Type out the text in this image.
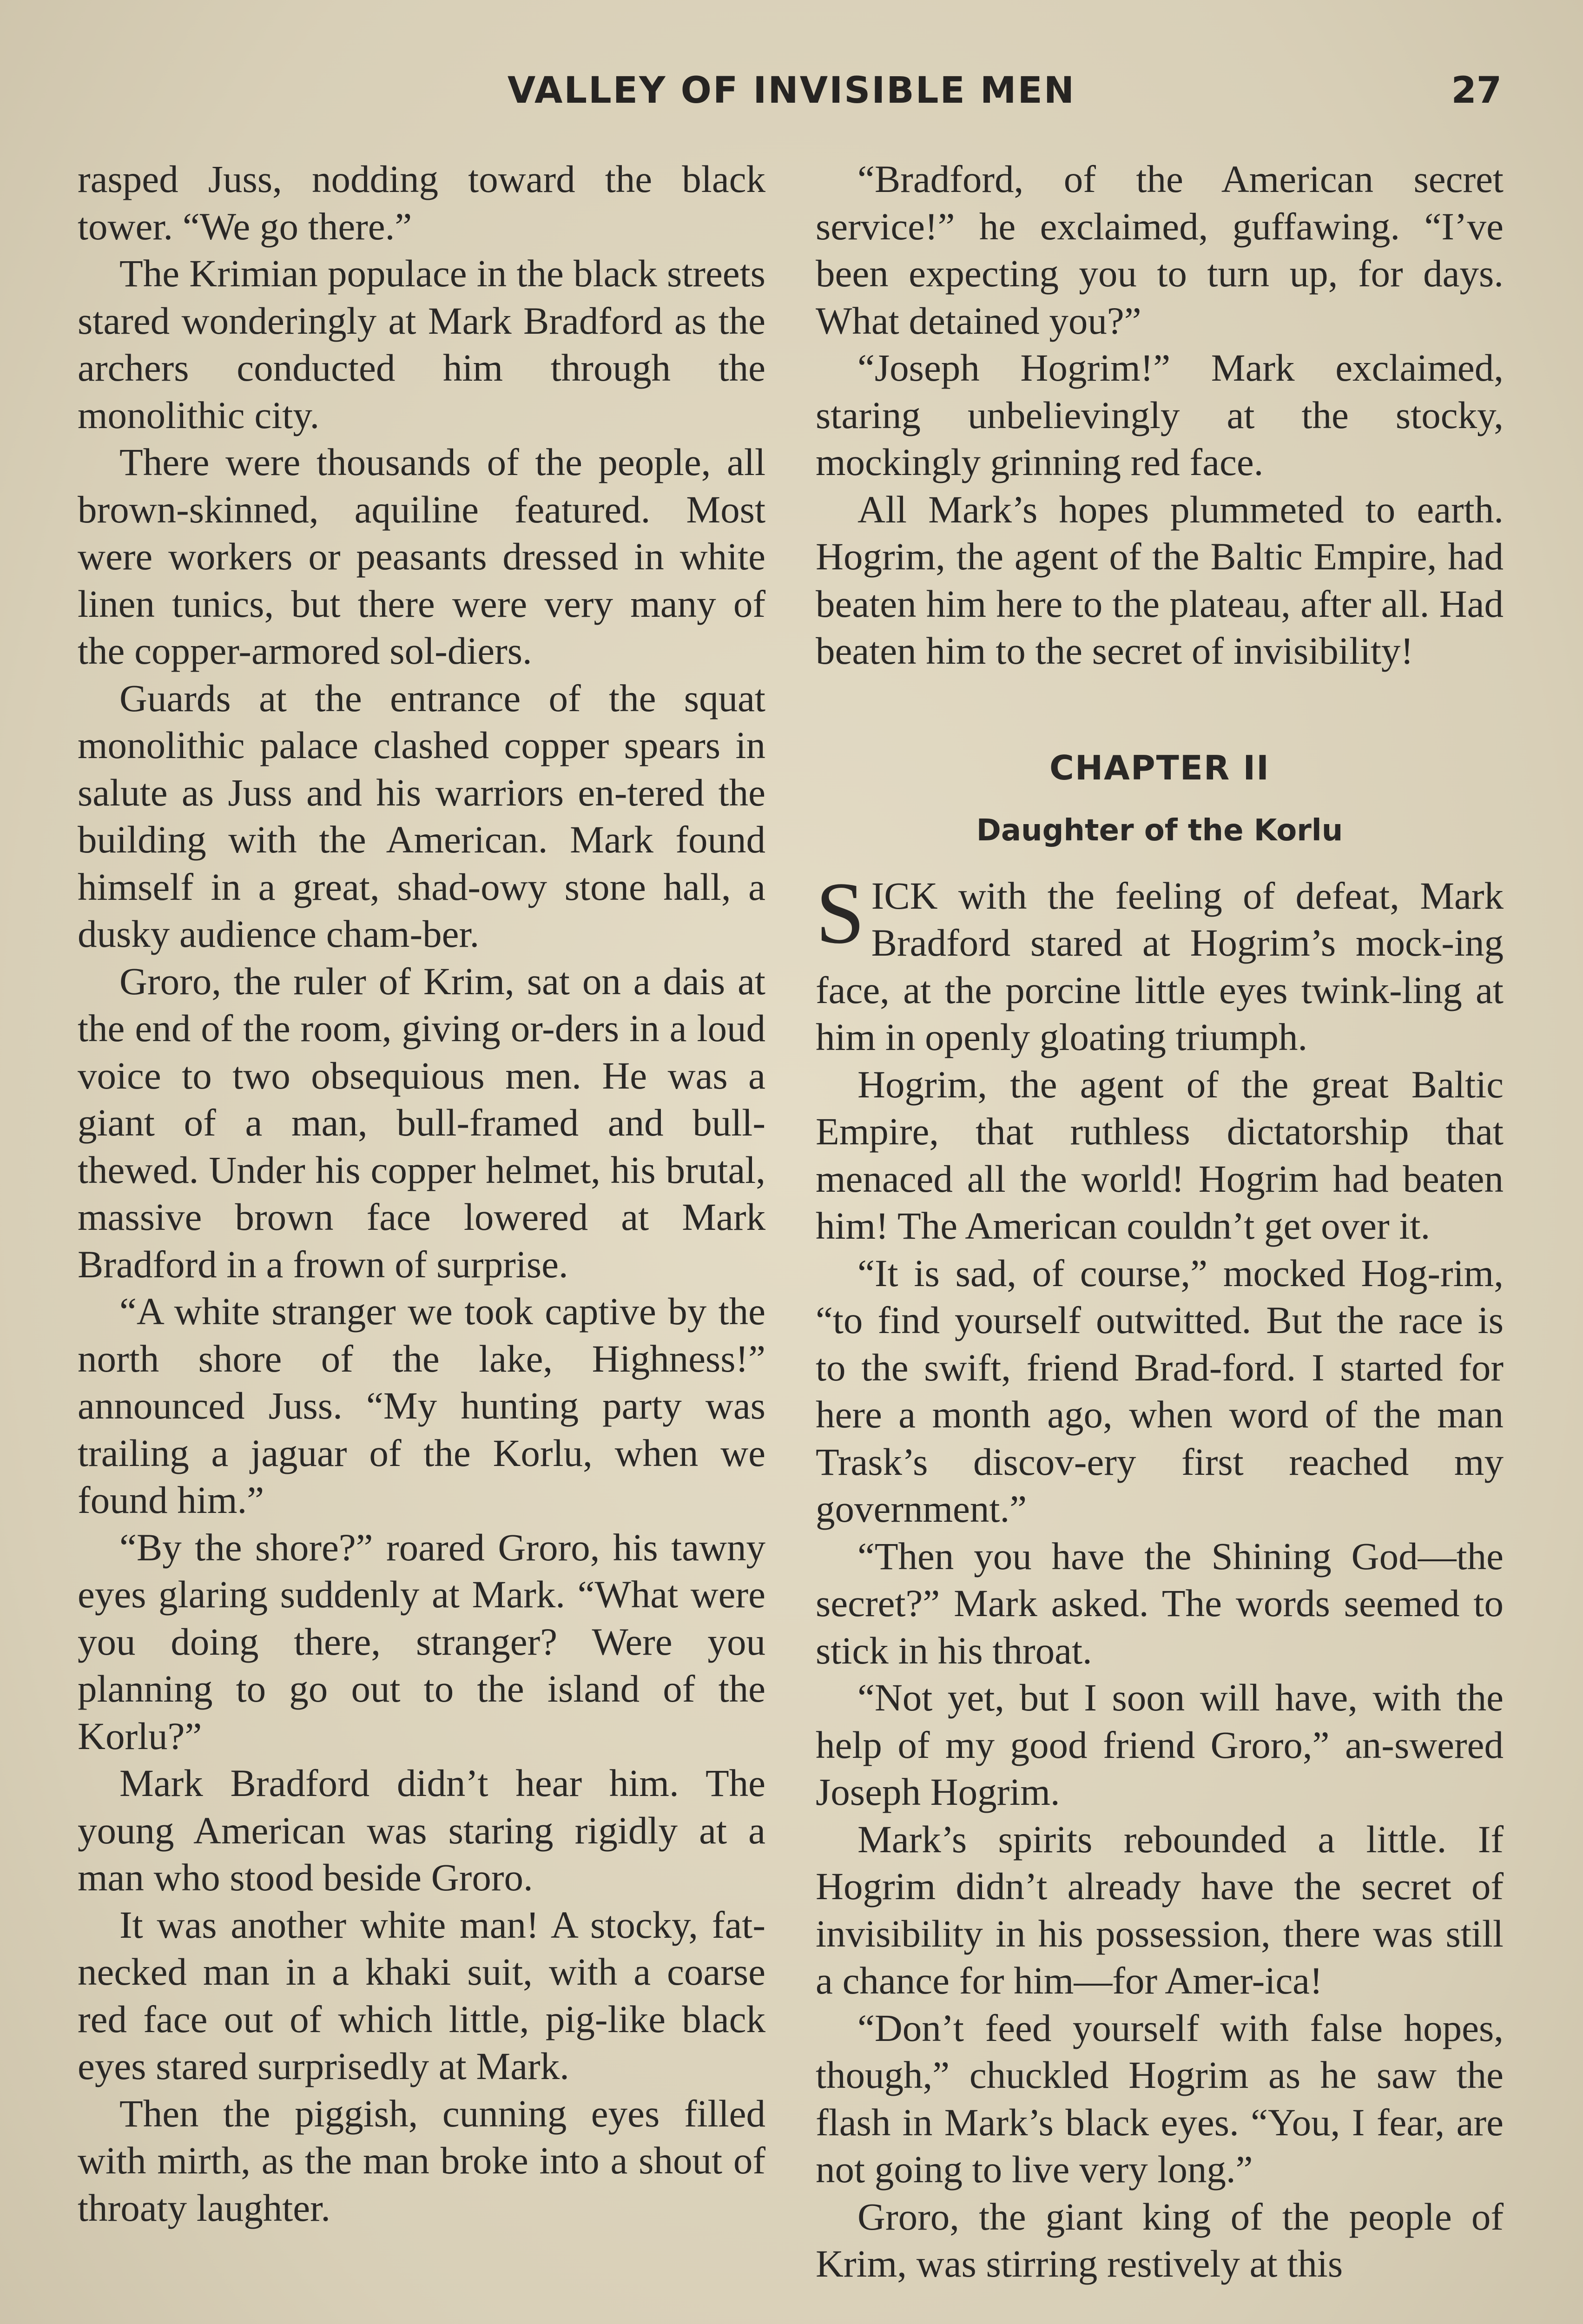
VALLEY OF INVISIBLE MEN	27

rasped Juss, nodding toward the black tower. “We go there.”

The Krimian populace in the black streets stared wonderingly at Mark Bradford as the archers conducted him through the monolithic city.

There were thousands of the people, all brown-skinned, aquiline featured. Most were workers or peasants dressed in white linen tunics, but there were very many of the copper-armored sol-diers.

Guards at the entrance of the squat monolithic palace clashed copper spears in salute as Juss and his warriors en-tered the building with the American. Mark found himself in a great, shad-owy stone hall, a dusky audience cham-ber.

Groro, the ruler of Krim, sat on a dais at the end of the room, giving or-ders in a loud voice to two obsequious men. He was a giant of a man, bull-framed and bull-thewed. Under his copper helmet, his brutal, massive brown face lowered at Mark Bradford in a frown of surprise.

“A white stranger we took captive by the north shore of the lake, Highness!” announced Juss. “My hunting party was trailing a jaguar of the Korlu, when we found him.”

“By the shore?” roared Groro, his tawny eyes glaring suddenly at Mark. “What were you doing there, stranger? Were you planning to go out to the island of the Korlu?”

Mark Bradford didn’t hear him. The young American was staring rigidly at a man who stood beside Groro.

It was another white man! A stocky, fat-necked man in a khaki suit, with a coarse red face out of which little, pig-like black eyes stared surprisedly at Mark.

Then the piggish, cunning eyes filled with mirth, as the man broke into a shout of throaty laughter.

“Bradford, of the American secret service!” he exclaimed, guffawing. “I’ve been expecting you to turn up, for days. What detained you?”

“Joseph Hogrim!” Mark exclaimed, staring unbelievingly at the stocky, mockingly grinning red face.

All Mark’s hopes plummeted to earth. Hogrim, the agent of the Baltic Empire, had beaten him here to the plateau, after all. Had beaten him to the secret of invisibility!

CHAPTER II
Daughter of the Korlu

SICK with the feeling of defeat, Mark Bradford stared at Hogrim’s mock-ing face, at the porcine little eyes twink-ling at him in openly gloating triumph.

Hogrim, the agent of the great Baltic Empire, that ruthless dictatorship that menaced all the world! Hogrim had beaten him! The American couldn’t get over it.

“It is sad, of course,” mocked Hog-rim, “to find yourself outwitted. But the race is to the swift, friend Brad-ford. I started for here a month ago, when word of the man Trask’s discov-ery first reached my government.”

“Then you have the Shining God—the secret?” Mark asked. The words seemed to stick in his throat.

“Not yet, but I soon will have, with the help of my good friend Groro,” an-swered Joseph Hogrim.

Mark’s spirits rebounded a little. If Hogrim didn’t already have the secret of invisibility in his possession, there was still a chance for him—for Amer-ica!

“Don’t feed yourself with false hopes, though,” chuckled Hogrim as he saw the flash in Mark’s black eyes. “You, I fear, are not going to live very long.”

Groro, the giant king of the people of Krim, was stirring restively at this
